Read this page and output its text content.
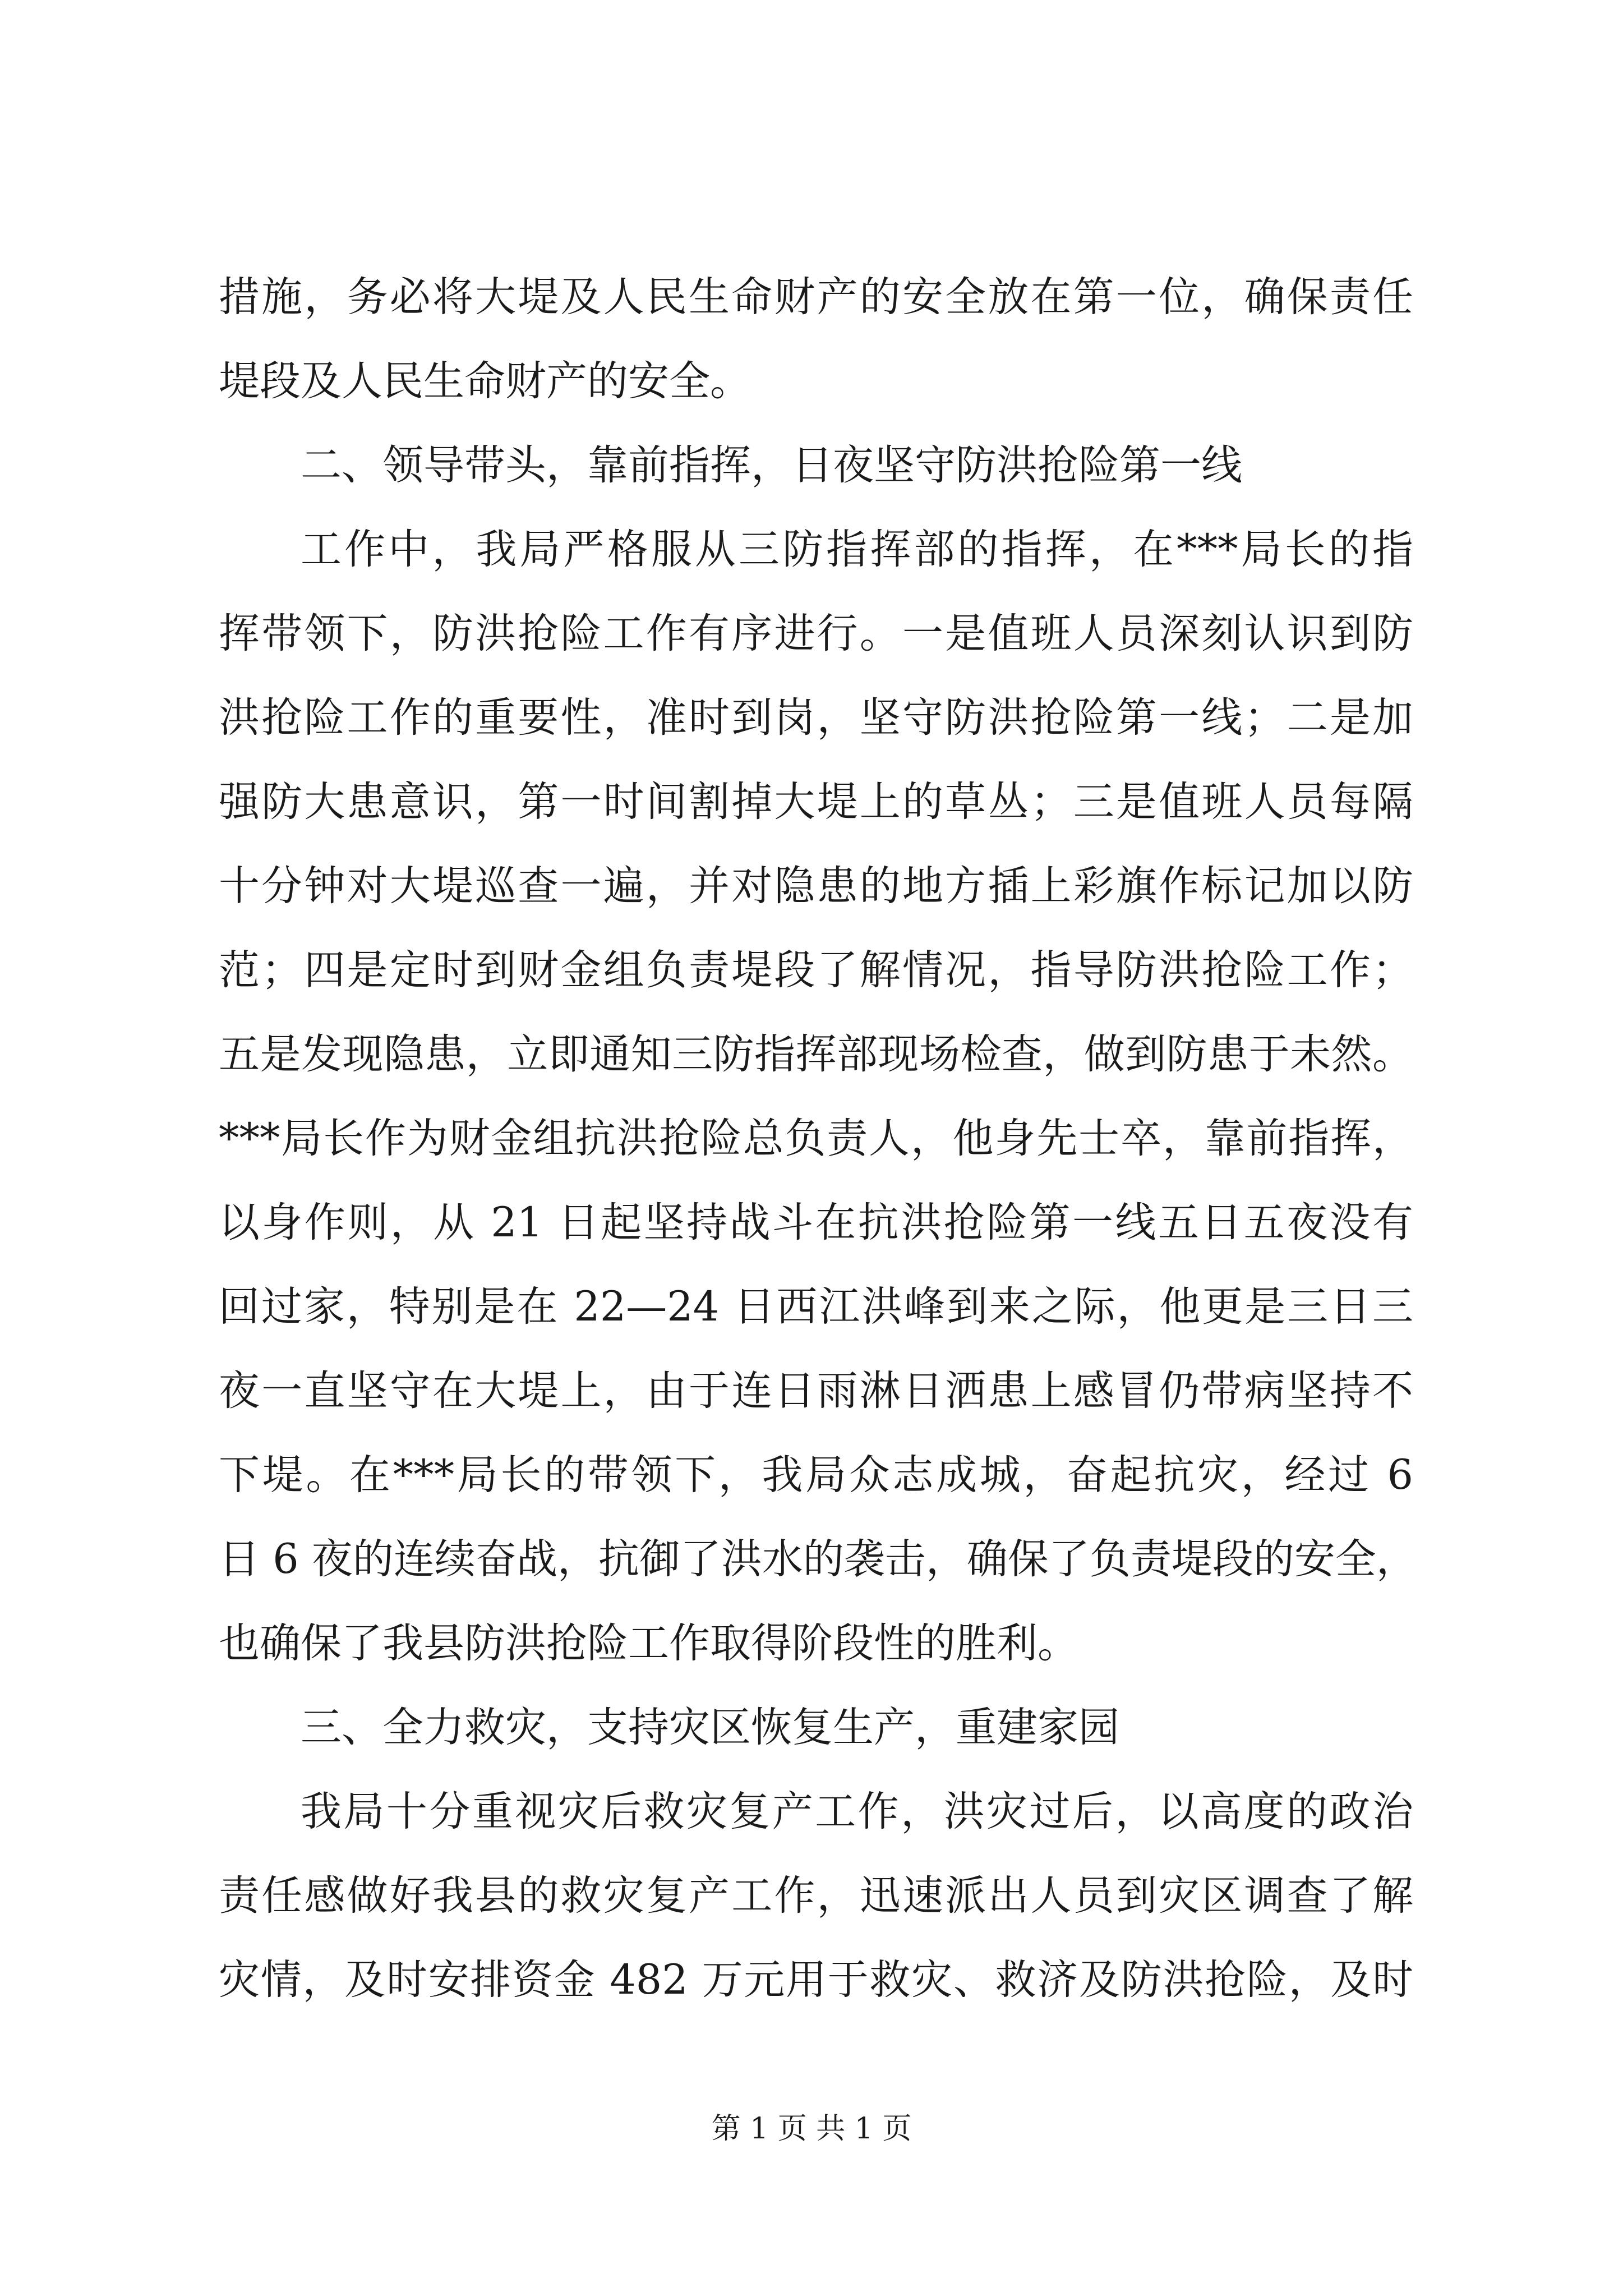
措施，务必将大堤及人民生命财产的安全放在第一位，确保责任
堤段及人民生命财产的安全。
二、领导带头，靠前指挥，日夜坚守防洪抢险第一线
工作中，我局严格服从三防指挥部的指挥，在***局长的指
挥带领下，防洪抢险工作有序进行。一是值班人员深刻认识到防
洪抢险工作的重要性，准时到岗，坚守防洪抢险第一线；二是加
强防大患意识，第一时间割掉大堤上的草丛；三是值班人员每隔
十分钟对大堤巡查一遍，并对隐患的地方插上彩旗作标记加以防
范；四是定时到财金组负责堤段了解情况，指导防洪抢险工作；
五是发现隐患，立即通知三防指挥部现场检查，做到防患于未然。
***局长作为财金组抗洪抢险总负责人，他身先士卒，靠前指挥，
以身作则，从 21 日起坚持战斗在抗洪抢险第一线五日五夜没有
回过家，特别是在 22—24 日西江洪峰到来之际，他更是三日三
夜一直坚守在大堤上，由于连日雨淋日洒患上感冒仍带病坚持不
下堤。在***局长的带领下，我局众志成城，奋起抗灾，经过 6
日 6 夜的连续奋战，抗御了洪水的袭击，确保了负责堤段的安全，
也确保了我县防洪抢险工作取得阶段性的胜利。
三、全力救灾，支持灾区恢复生产，重建家园
我局十分重视灾后救灾复产工作，洪灾过后，以高度的政治
责任感做好我县的救灾复产工作，迅速派出人员到灾区调查了解
灾情，及时安排资金 482 万元用于救灾、救济及防洪抢险，及时
第 1 页 共 1 页
